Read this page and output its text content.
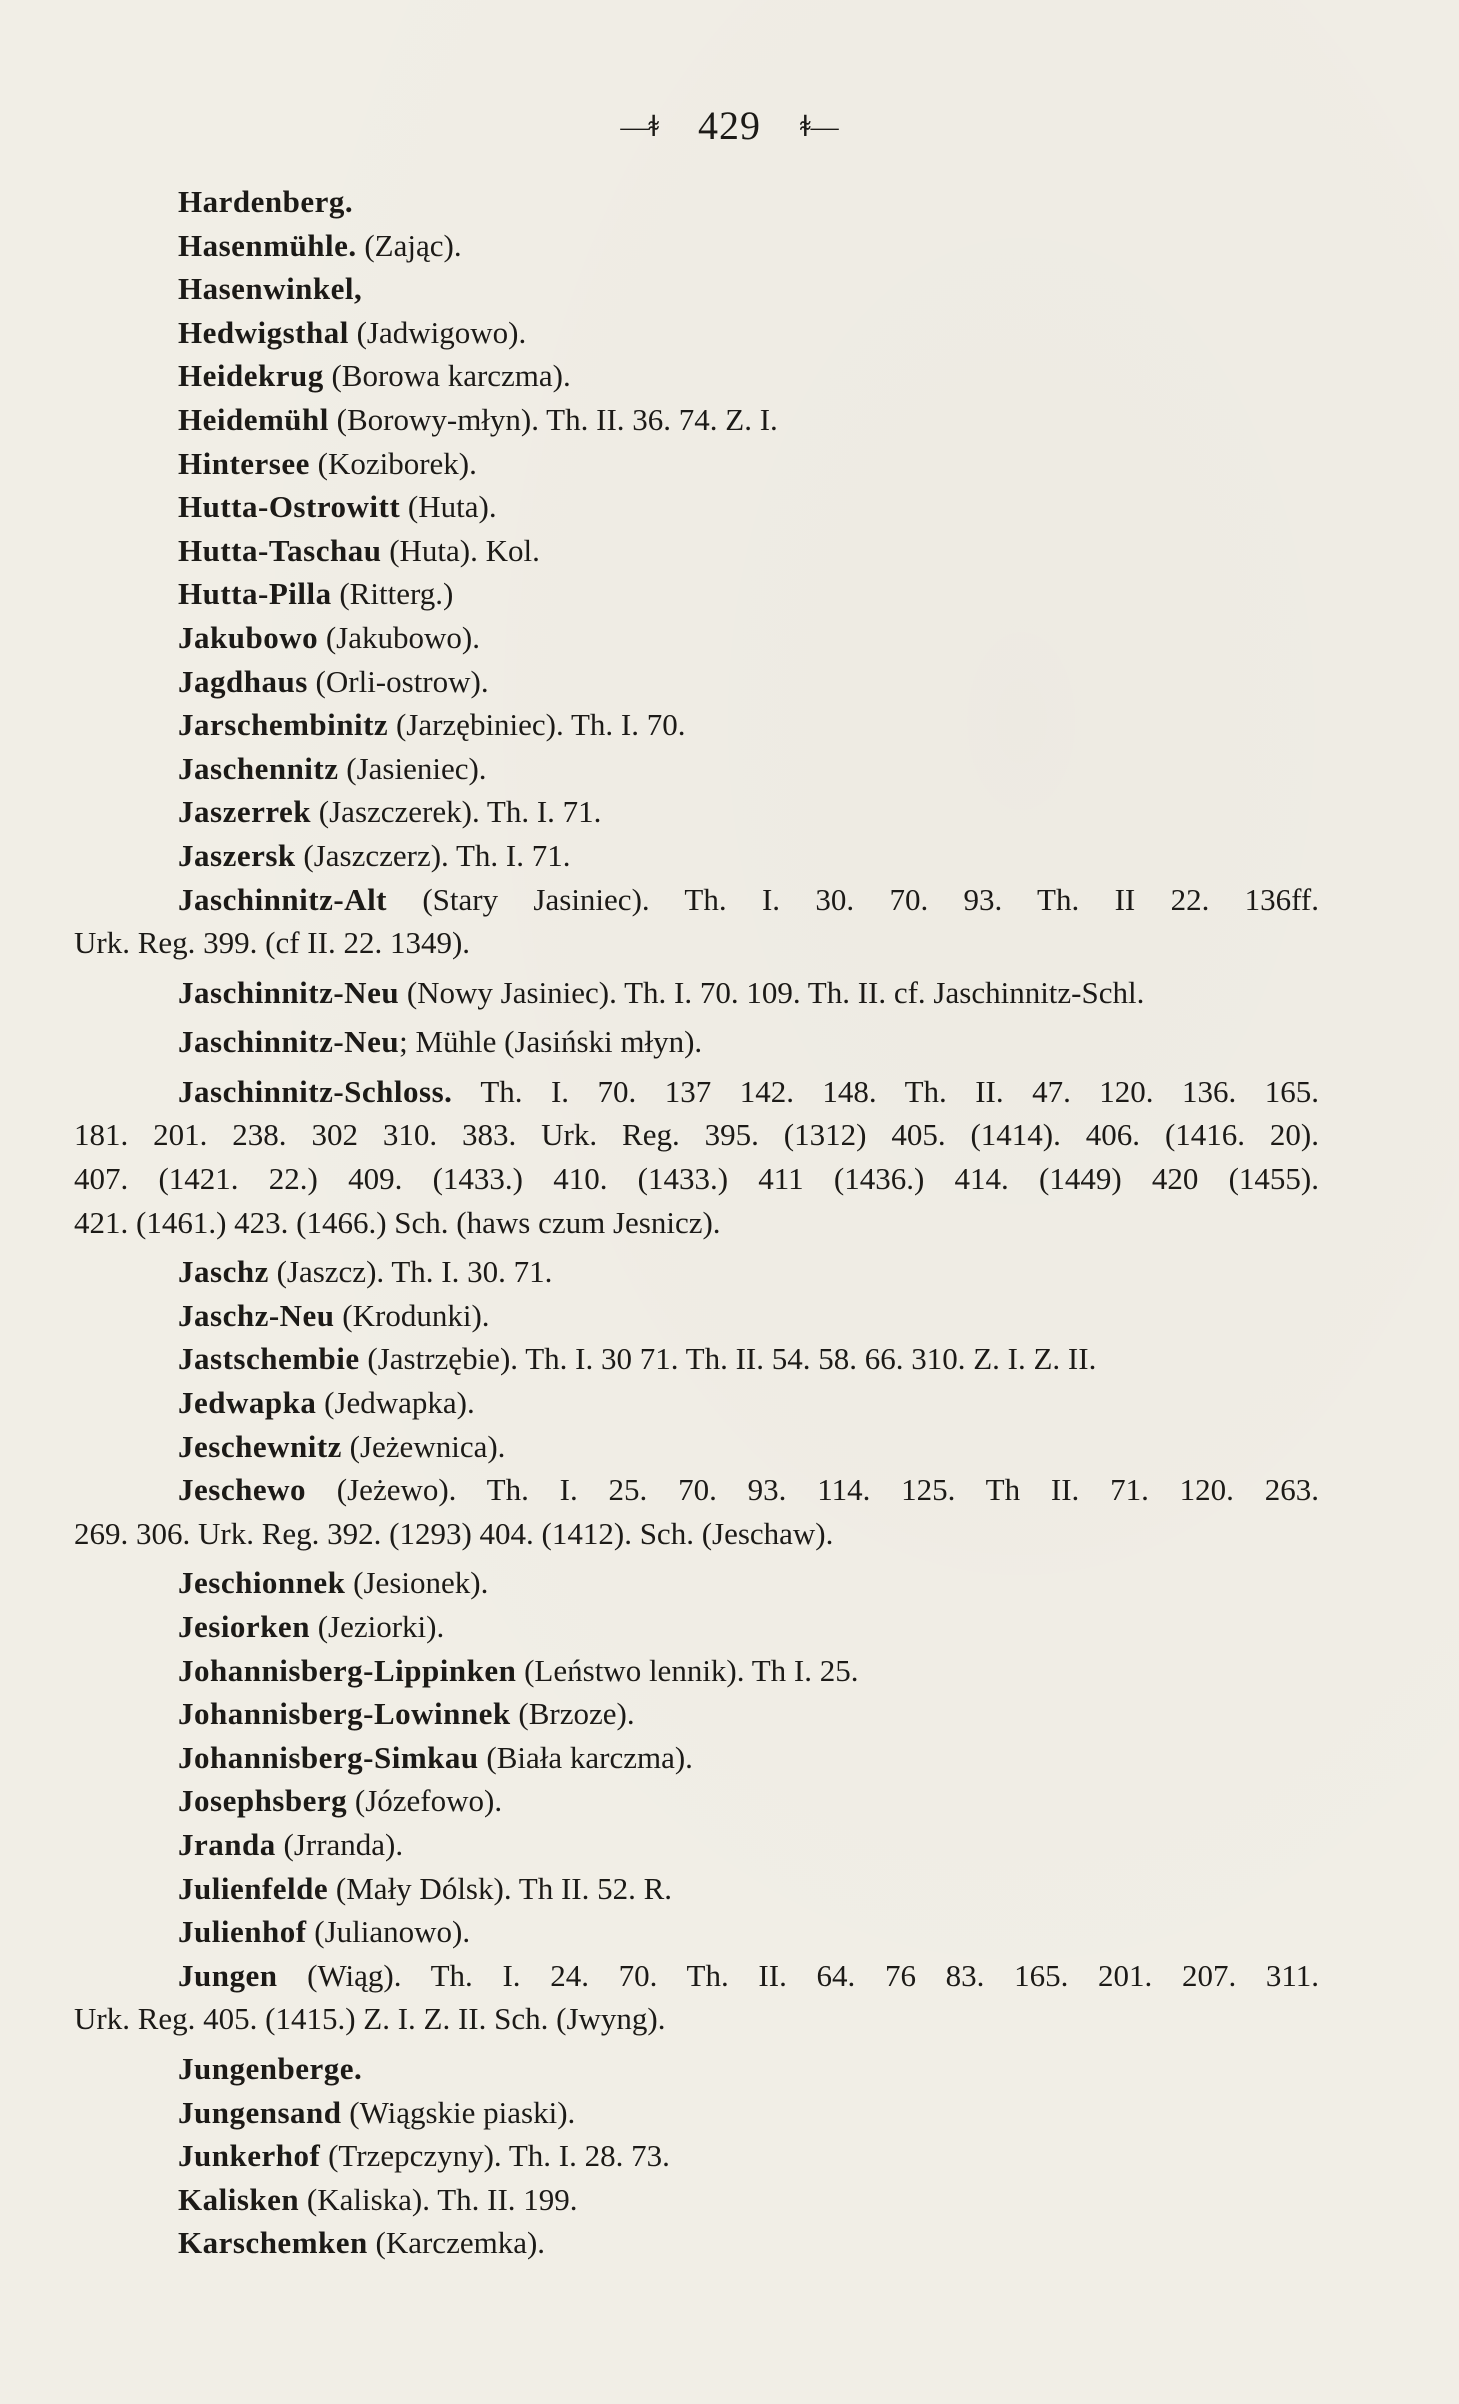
—ꬸ 429 ꬸ—
Hardenberg.
Hasenmühle. (Zając).
Hasenwinkel,
Hedwigsthal (Jadwigowo).
Heidekrug (Borowa karczma).
Heidemühl (Borowy-młyn). Th. II. 36. 74. Z. I.
Hintersee (Koziborek).
Hutta-Ostrowitt (Huta).
Hutta-Taschau (Huta). Kol.
Hutta-Pilla (Ritterg.)
Jakubowo (Jakubowo).
Jagdhaus (Orli-ostrow).
Jarschembinitz (Jarzębiniec). Th. I. 70.
Jaschennitz (Jasieniec).
Jaszerrek (Jaszczerek). Th. I. 71.
Jaszersk (Jaszczerz). Th. I. 71.
Jaschinnitz-Alt (Stary Jasiniec). Th. I. 30. 70. 93. Th. II 22. 136ff.
Urk. Reg. 399. (cf II. 22. 1349).
Jaschinnitz-Neu (Nowy Jasiniec). Th. I. 70. 109. Th. II. cf. Jaschinnitz-Schl.
Jaschinnitz-Neu; Mühle (Jasiński młyn).
Jaschinnitz-Schloss. Th. I. 70. 137 142. 148. Th. II. 47. 120. 136. 165.
181. 201. 238. 302 310. 383. Urk. Reg. 395. (1312) 405. (1414). 406. (1416. 20).
407. (1421. 22.) 409. (1433.) 410. (1433.) 411 (1436.) 414. (1449) 420 (1455).
421. (1461.) 423. (1466.) Sch. (haws czum Jesnicz).
Jaschz (Jaszcz). Th. I. 30. 71.
Jaschz-Neu (Krodunki).
Jastschembie (Jastrzębie). Th. I. 30 71. Th. II. 54. 58. 66. 310. Z. I. Z. II.
Jedwapka (Jedwapka).
Jeschewnitz (Jeżewnica).
Jeschewo (Jeżewo). Th. I. 25. 70. 93. 114. 125. Th II. 71. 120. 263.
269. 306. Urk. Reg. 392. (1293) 404. (1412). Sch. (Jeschaw).
Jeschionnek (Jesionek).
Jesiorken (Jeziorki).
Johannisberg-Lippinken (Leństwo lennik). Th I. 25.
Johannisberg-Lowinnek (Brzoze).
Johannisberg-Simkau (Biała karczma).
Josephsberg (Józefowo).
Jranda (Jrranda).
Julienfelde (Mały Dólsk). Th II. 52. R.
Julienhof (Julianowo).
Jungen (Wiąg). Th. I. 24. 70. Th. II. 64. 76 83. 165. 201. 207. 311.
Urk. Reg. 405. (1415.) Z. I. Z. II. Sch. (Jwyng).
Jungenberge.
Jungensand (Wiągskie piaski).
Junkerhof (Trzepczyny). Th. I. 28. 73.
Kalisken (Kaliska). Th. II. 199.
Karschemken (Karczemka).
